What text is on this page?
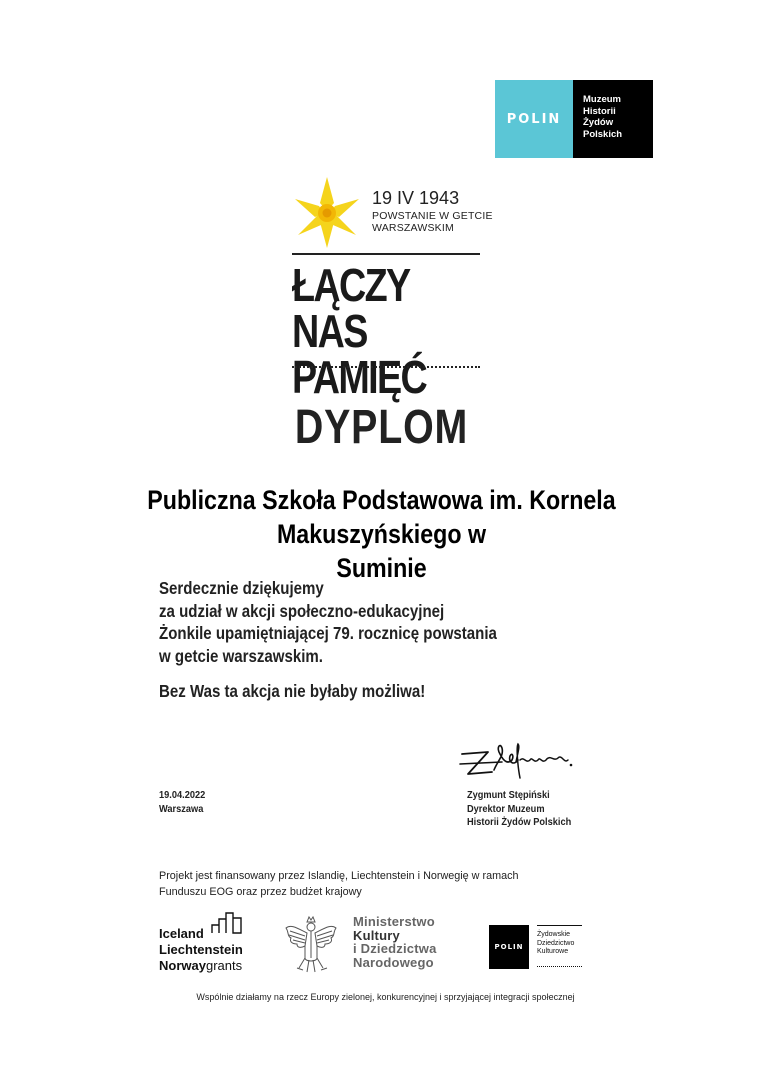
POLIN
Muzeum
Historii
Żydów
Polskich
19 IV 1943
POWSTANIE W GETCIE
WARSZAWSKIM
ŁĄCZY NAS
PAMIĘĆ
DYPLOM
Publiczna Szkoła Podstawowa im. Kornela Makuszyńskiego w
Suminie
Serdecznie dziękujemy
za udział w akcji społeczno-edukacyjnej
Żonkile upamiętniającej 79. rocznicę powstania
w getcie warszawskim.
Bez Was ta akcja nie byłaby możliwa!
19.04.2022
Warszawa
Zygmunt Stępiński
Dyrektor Muzeum
Historii Żydów Polskich
Projekt jest finansowany przez Islandię, Liechtenstein i Norwegię w ramach
Funduszu EOG oraz przez budżet krajowy
Iceland
Liechtenstein
Norwaygrants
Ministerstwo
Kultury
i Dziedzictwa
Narodowego
POLIN
Żydowskie
Dziedzictwo
Kulturowe
Wspólnie działamy na rzecz Europy zielonej, konkurencyjnej i sprzyjającej integracji społecznej
